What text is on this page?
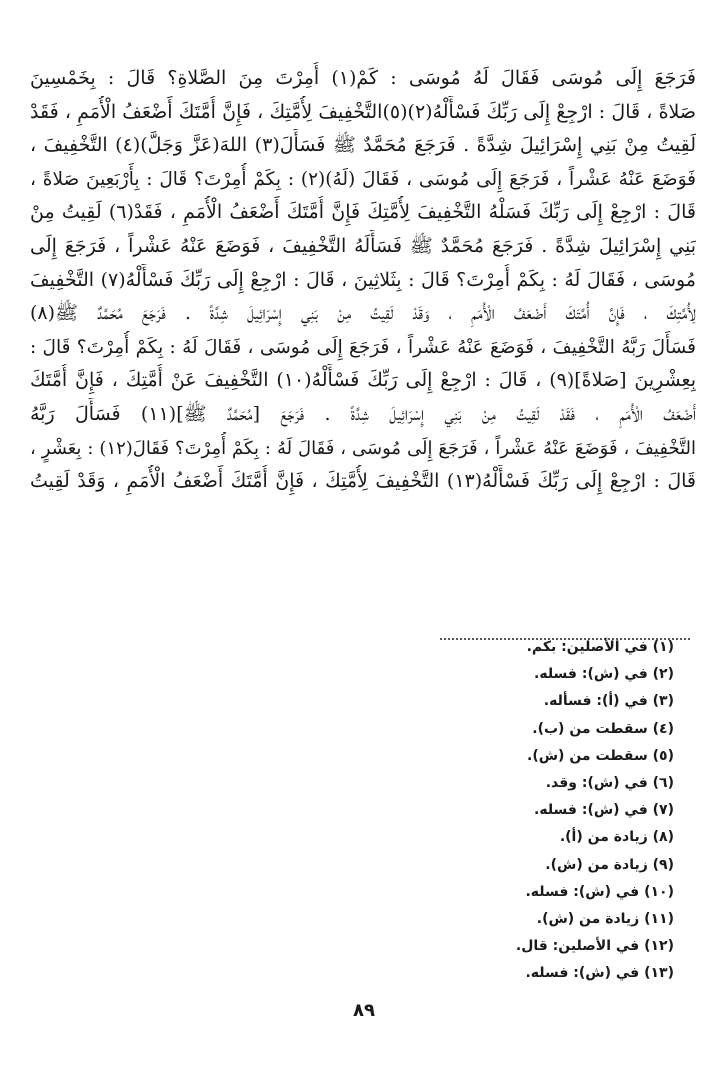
فَرَجَعَ إِلَى مُوسَى فَقَالَ لَهُ مُوسَى : كَمْ(١) أُمِرْتَ مِنَ الصَّلاةِ؟ قَالَ : بِخَمْسِينَ
صَلاةً ، قَالَ : ارْجِعْ إِلَى رَبِّكَ فَسْأَلْهُ(٢)(٥)التَّخْفِيفَ لِأُمَّتِكَ ، فَإِنَّ أُمَّتَكَ أَضْعَفُ الْأُمَمِ ، فَقَدْ
لَقِيتُ مِنْ بَنِي إِسْرَائِيلَ شِدَّةً . فَرَجَعَ مُحَمَّدٌ ﷺ فَسَأَلَ(٣) اللهَ(عَزَّ وَجَلَّ)(٤) التَّخْفِيفَ ،
فَوَضَعَ عَنْهُ عَشْراً ، فَرَجَعَ إِلَى مُوسَى ، فَقَالَ (لَهُ)(٢) : بِكَمْ أُمِرْتَ؟ قَالَ : بِأَرْبَعِينَ صَلاةً ،
قَالَ : ارْجِعْ إِلَى رَبِّكَ فَسَلْهُ التَّخْفِيفَ لِأُمَّتِكَ فَإِنَّ أُمَّتَكَ أَضْعَفُ الْأُمَمِ ، فَقَدْ(٦) لَقِيتُ مِنْ
بَنِي إِسْرَائِيلَ شِدَّةً . فَرَجَعَ مُحَمَّدٌ ﷺ فَسَأَلَهُ التَّخْفِيفَ ، فَوَضَعَ عَنْهُ عَشْراً ، فَرَجَعَ إِلَى
مُوسَى ، فَقَالَ لَهُ : بِكَمْ أُمِرْتَ؟ قَالَ : بِثَلاثِينَ ، قَالَ : ارْجِعْ إِلَى رَبِّكَ فَسْأَلْهُ(٧) التَّخْفِيفَ
لِأُمَّتِكَ ، فَإِنَّ أُمَّتَكَ أَضْعَفُ الْأُمَمِ ، وَقَدْ لَقِيتُ مِنْ بَنِي إِسْرَائِيلَ شِدَّةً . فَرَجَعَ مُحَمَّدٌ ﷺ(٨)
فَسَأَلَ رَبَّهُ التَّخْفِيفَ ، فَوَضَعَ عَنْهُ عَشْراً ، فَرَجَعَ إِلَى مُوسَى ، فَقَالَ لَهُ : بِكَمْ أُمِرْتَ؟ قَالَ :
بِعِشْرِينَ [صَلاةً](٩) ، قَالَ : ارْجِعْ إِلَى رَبِّكَ فَسْأَلْهُ(١٠) التَّخْفِيفَ عَنْ أُمَّتِكَ ، فَإِنَّ أُمَّتَكَ
أَضْعَفُ الْأُمَمِ ، فَقَدْ لَقِيتُ مِنْ بَنِي إِسْرَائِيلَ شِدَّةً . فَرَجَعَ [مُحَمَّدٌ ﷺ](١١) فَسَأَلَ رَبَّهُ
التَّخْفِيفَ ، فَوَضَعَ عَنْهُ عَشْراً ، فَرَجَعَ إِلَى مُوسَى ، فَقَالَ لَهُ : بِكَمْ أُمِرْتَ؟ فَقَالَ(١٢) : بِعَشْرٍ ،
قَالَ : ارْجِعْ إِلَى رَبِّكَ فَسْأَلْهُ(١٣) التَّخْفِيفَ لِأُمَّتِكَ ، فَإِنَّ أُمَّتَكَ أَضْعَفُ الْأُمَمِ ، وَقَدْ لَقِيتُ
(١) في الأصلين: بكم.
(٢) في (ش): فسله.
(٣) في (أ): فسأله.
(٤) سقطت من (ب).
(٥) سقطت من (ش).
(٦) في (ش): وقد.
(٧) في (ش): فسله.
(٨) زيادة من (أ).
(٩) زيادة من (ش).
(١٠) في (ش): فسله.
(١١) زيادة من (ش).
(١٢) في الأصلين: قال.
(١٣) في (ش): فسله.
٨٩
